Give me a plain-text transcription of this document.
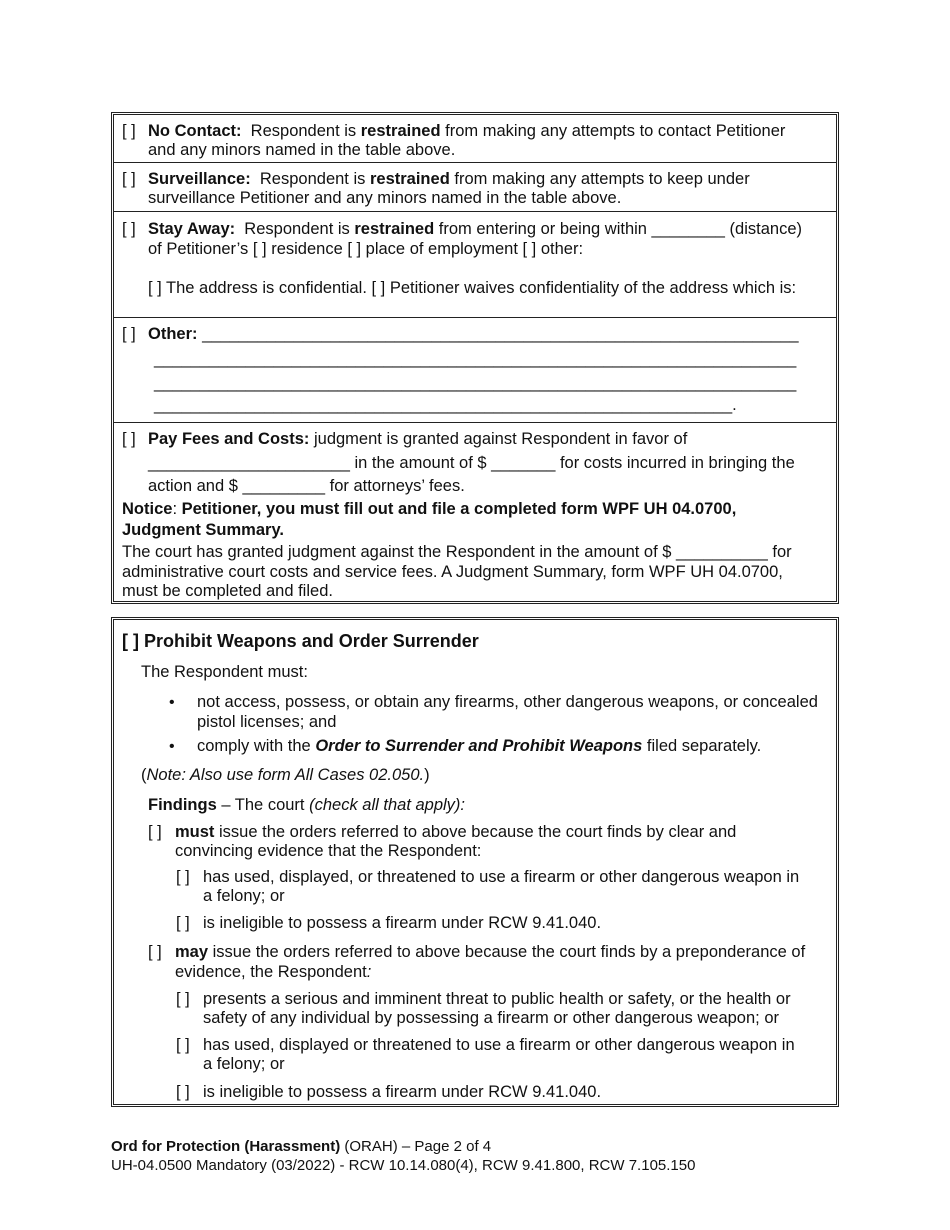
[ ] No Contact: Respondent is restrained from making any attempts to contact Petitioner
and any minors named in the table above.
[ ] Surveillance: Respondent is restrained from making any attempts to keep under
surveillance Petitioner and any minors named in the table above.
[ ] Stay Away: Respondent is restrained from entering or being within ________ (distance)
of Petitioner’s [ ] residence [ ] place of employment [ ] other:
[ ] The address is confidential. [ ] Petitioner waives confidentiality of the address which is:
[ ] Other: _________________________________________________________________
______________________________________________________________________
______________________________________________________________________
_______________________________________________________________.
[ ] Pay Fees and Costs: judgment is granted against Respondent in favor of
______________________ in the amount of $ _______ for costs incurred in bringing the
action and $ _________ for attorneys’ fees.
Notice: Petitioner, you must fill out and file a completed form WPF UH 04.0700,
Judgment Summary.
The court has granted judgment against the Respondent in the amount of $ __________ for
administrative court costs and service fees. A Judgment Summary, form WPF UH 04.0700,
must be completed and filed.
[ ] Prohibit Weapons and Order Surrender
The Respondent must:
• not access, possess, or obtain any firearms, other dangerous weapons, or concealed
pistol licenses; and
• comply with the Order to Surrender and Prohibit Weapons filed separately.
(Note: Also use form All Cases 02.050.)
Findings – The court (check all that apply):
[ ] must issue the orders referred to above because the court finds by clear and
convincing evidence that the Respondent:
[ ] has used, displayed, or threatened to use a firearm or other dangerous weapon in
a felony; or
[ ] is ineligible to possess a firearm under RCW 9.41.040.
[ ] may issue the orders referred to above because the court finds by a preponderance of
evidence, the Respondent:
[ ] presents a serious and imminent threat to public health or safety, or the health or
safety of any individual by possessing a firearm or other dangerous weapon; or
[ ] has used, displayed or threatened to use a firearm or other dangerous weapon in
a felony; or
[ ] is ineligible to possess a firearm under RCW 9.41.040.
Ord for Protection (Harassment) (ORAH) – Page 2 of 4
UH-04.0500 Mandatory (03/2022) - RCW 10.14.080(4), RCW 9.41.800, RCW 7.105.150
